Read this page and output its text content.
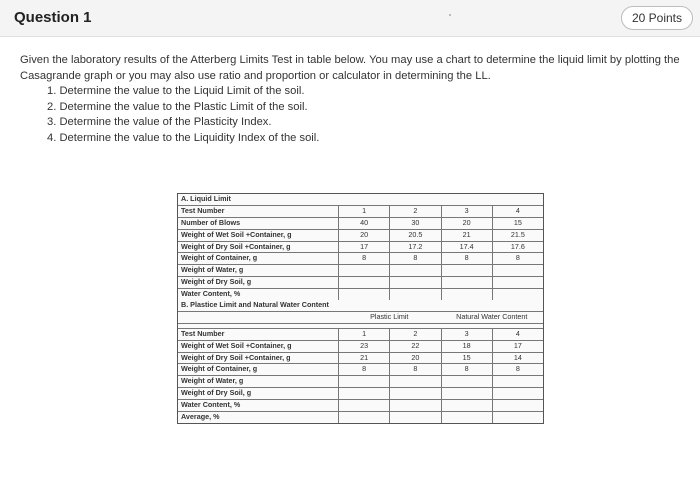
Question 1	20 Points
Given the laboratory results of the Atterberg Limits Test in table below. You may use a chart to determine the liquid limit by plotting the Casagrande graph or you may also use ratio and proportion or calculator in determining the LL.
1. Determine the value to the Liquid Limit of the soil.
2. Determine the value to the Plastic Limit of the soil.
3. Determine the value of the Plasticity Index.
4. Determine the value to the Liquidity Index of the soil.
A. Liquid Limit
Test Number	1	2	3	4
Number of Blows	40	30	20	15
Weight of Wet Soil +Container, g	20	20.5	21	21.5
Weight of Dry Soil +Container, g	17	17.2	17.4	17.6
Weight of Container, g	8	8	8	8
Weight of Water, g
Weight of Dry Soil, g
Water Content, %
B. Plastice Limit and Natural Water Content
Plastic Limit	Natural Water Content
Test Number	1	2	3	4
Weight of Wet Soil +Container, g	23	22	18	17
Weight of Dry Soil +Container, g	21	20	15	14
Weight of Container, g	8	8	8	8
Weight of Water, g
Weight of Dry Soil, g
Water Content, %
Average, %
